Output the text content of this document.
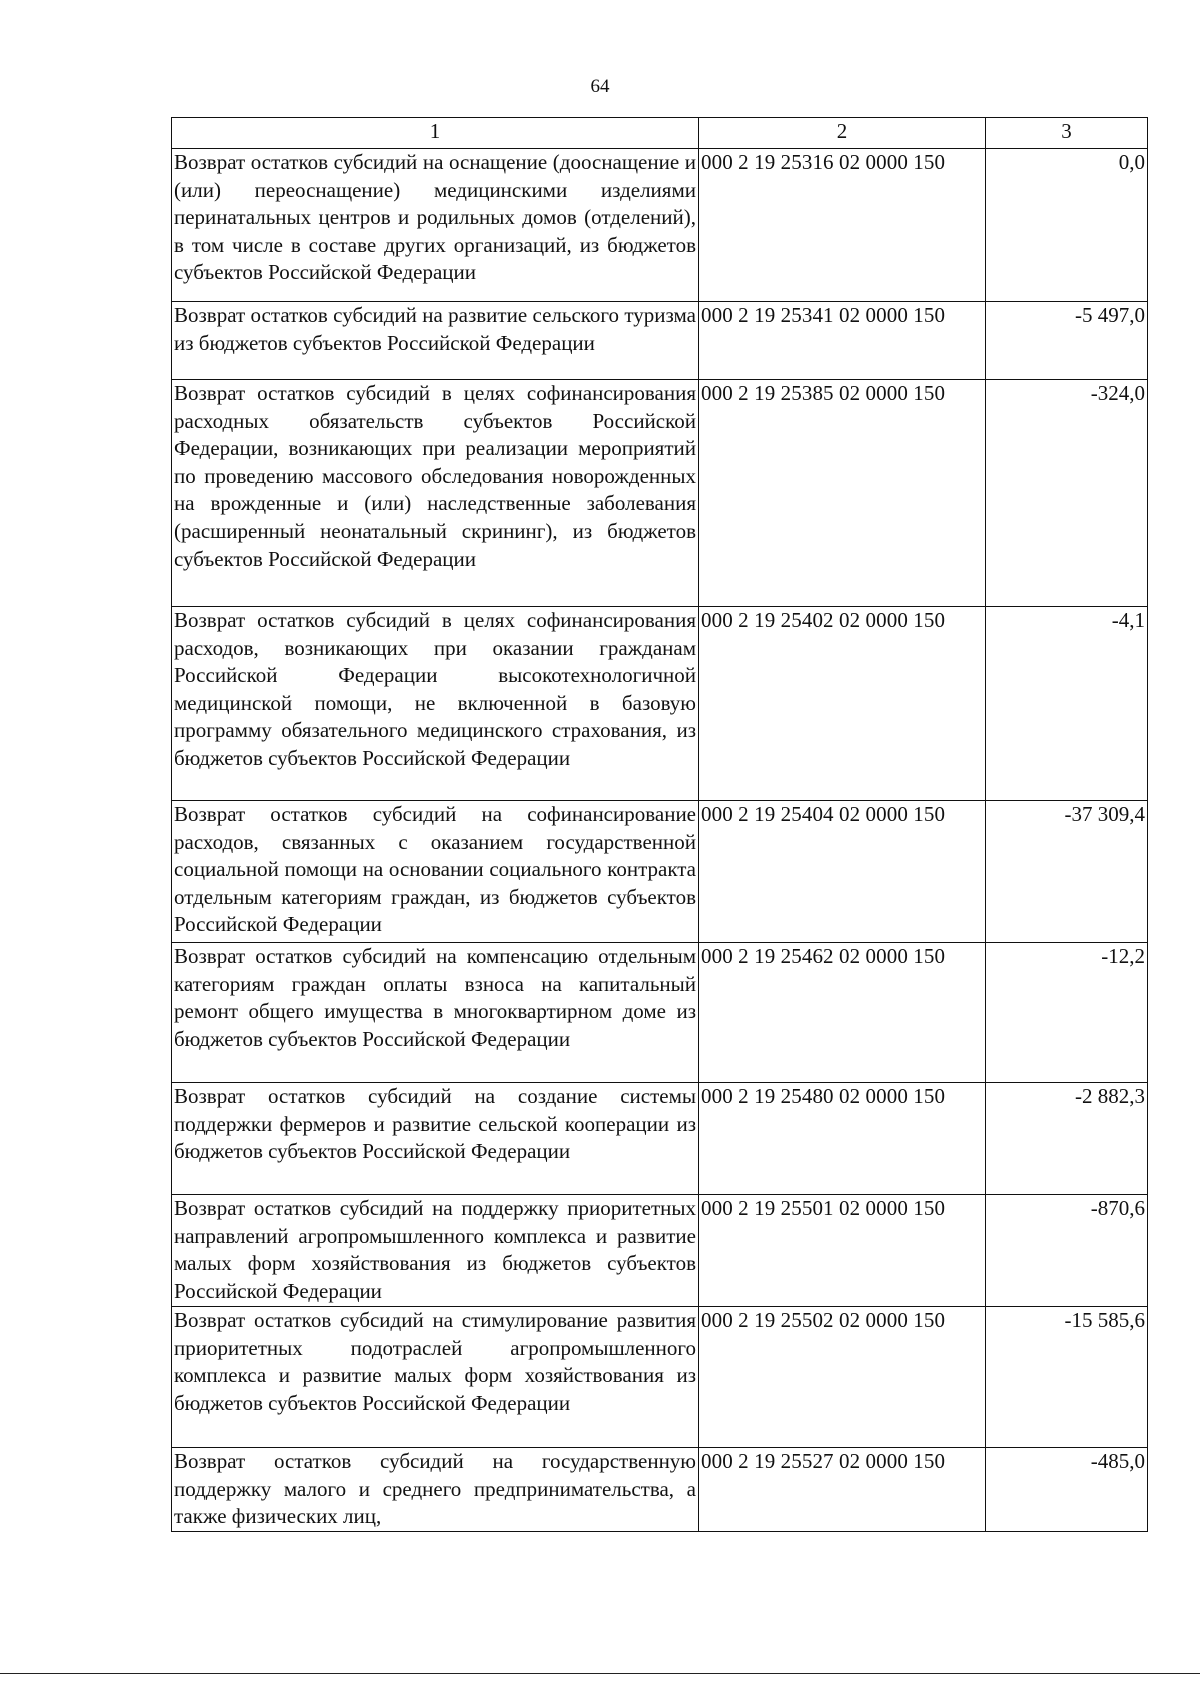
64
1	2	3
Возврат остатков субсидий на оснащение (дооснащение и (или) переоснащение) медицинскими изделиями перинатальных центров и родильных домов (отделений), в том числе в составе других организаций, из бюджетов субъектов Российской Федерации	000 2 19 25316 02 0000 150	0,0
Возврат остатков субсидий на развитие сельского туризма из бюджетов субъектов Российской Федерации	000 2 19 25341 02 0000 150	-5 497,0
Возврат остатков субсидий в целях софинансирования расходных обязательств субъектов Российской Федерации, возникающих при реализации мероприятий по проведению массового обследования новорожденных на врожденные и (или) наследственные заболевания (расширенный неонатальный скрининг), из бюджетов субъектов Российской Федерации	000 2 19 25385 02 0000 150	-324,0
Возврат остатков субсидий в целях софинансирования расходов, возникающих при оказании гражданам Российской Федерации высокотехнологичной медицинской помощи, не включенной в базовую программу обязательного медицинского страхования, из бюджетов субъектов Российской Федерации	000 2 19 25402 02 0000 150	-4,1
Возврат остатков субсидий на софинансирование расходов, связанных с оказанием государственной социальной помощи на основании социального контракта отдельным категориям граждан, из бюджетов субъектов Российской Федерации	000 2 19 25404 02 0000 150	-37 309,4
Возврат остатков субсидий на компенсацию отдельным категориям граждан оплаты взноса на капитальный ремонт общего имущества в многоквартирном доме из бюджетов субъектов Российской Федерации	000 2 19 25462 02 0000 150	-12,2
Возврат остатков субсидий на создание системы поддержки фермеров и развитие сельской кооперации из бюджетов субъектов Российской Федерации	000 2 19 25480 02 0000 150	-2 882,3
Возврат остатков субсидий на поддержку приоритетных направлений агропромышленного комплекса и развитие малых форм хозяйствования из бюджетов субъектов Российской Федерации	000 2 19 25501 02 0000 150	-870,6
Возврат остатков субсидий на стимулирование развития приоритетных подотраслей агропромышленного комплекса и развитие малых форм хозяйствования из бюджетов субъектов Российской Федерации	000 2 19 25502 02 0000 150	-15 585,6
Возврат остатков субсидий на государственную поддержку малого и среднего предпринимательства, а также физических лиц,	000 2 19 25527 02 0000 150	-485,0
